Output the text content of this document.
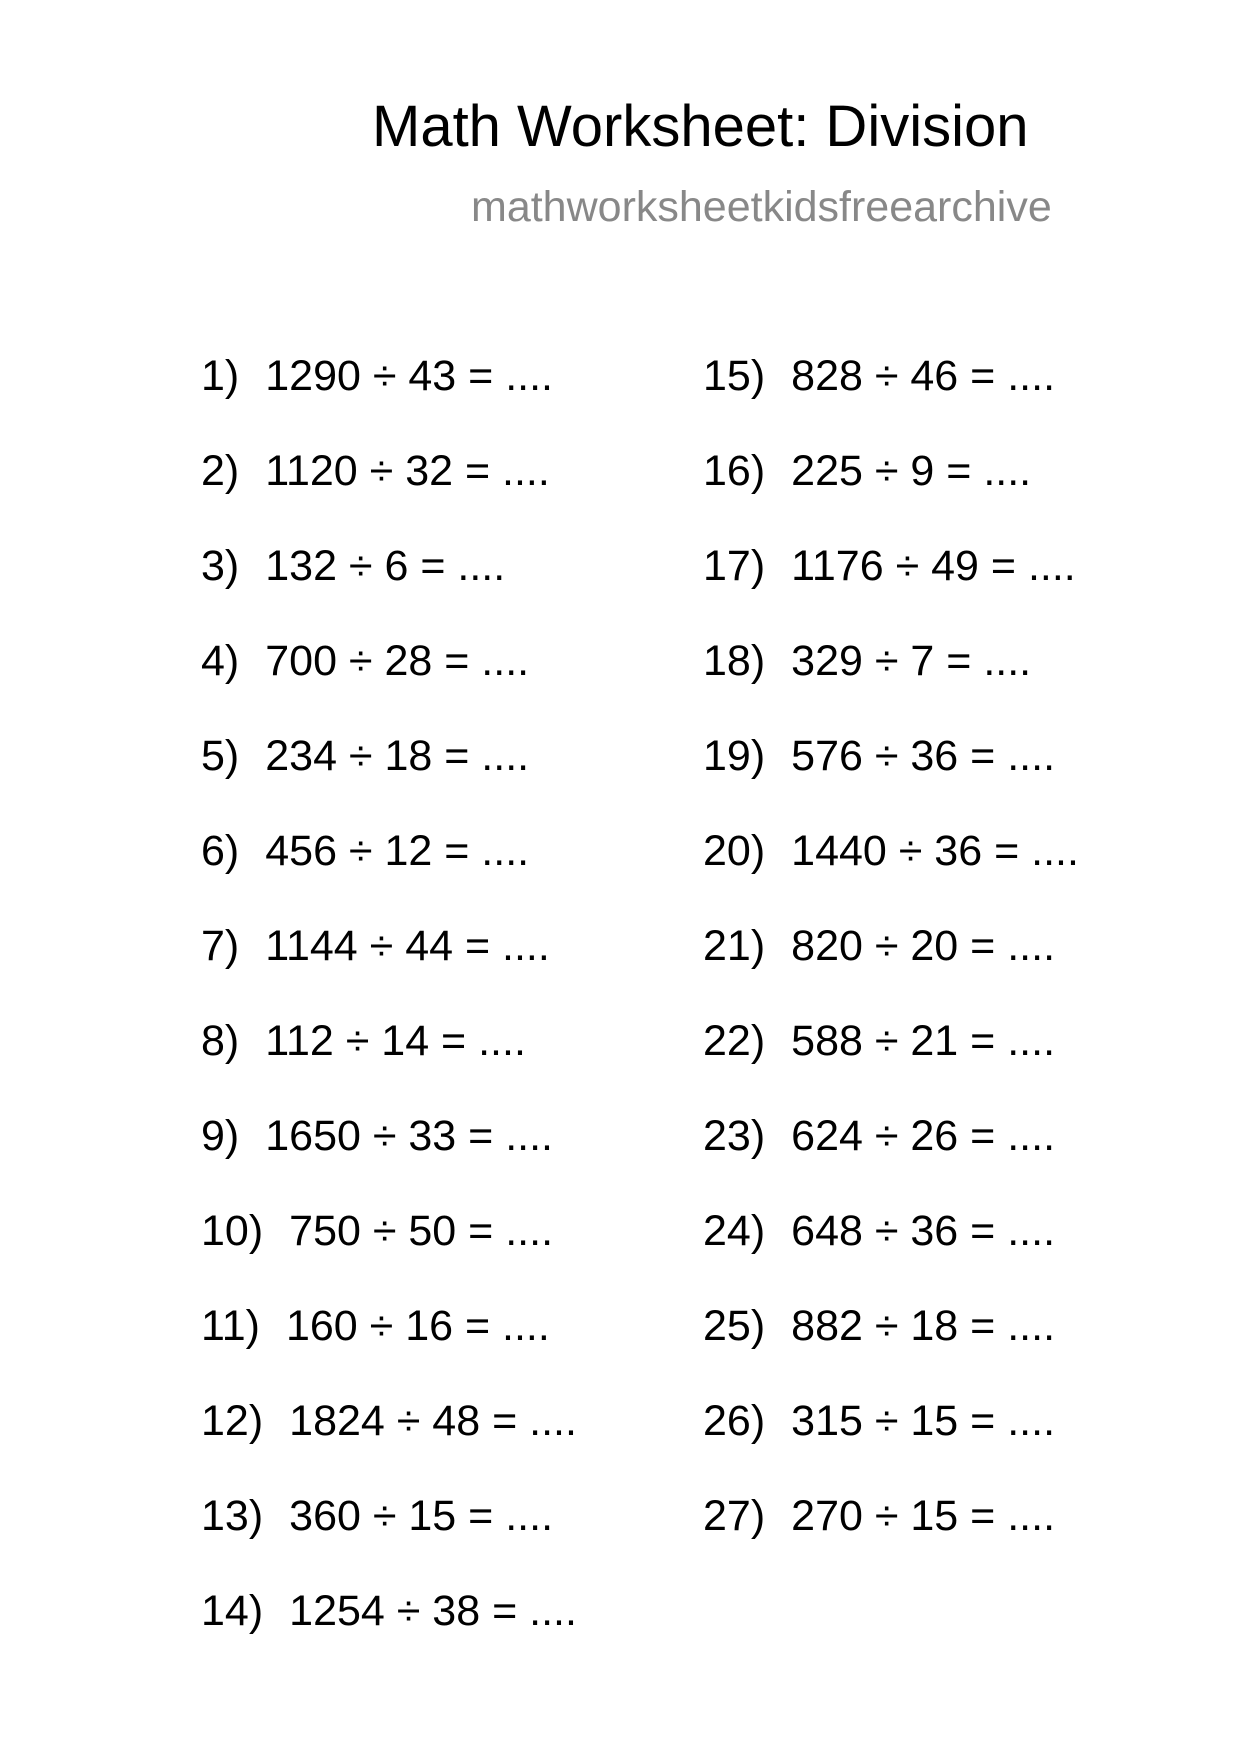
Math Worksheet: Division
mathworksheetkidsfreearchive
1) 1290 ÷ 43 = ....
2) 1120 ÷ 32 = ....
3) 132 ÷ 6 = ....
4) 700 ÷ 28 = ....
5) 234 ÷ 18 = ....
6) 456 ÷ 12 = ....
7) 1144 ÷ 44 = ....
8) 112 ÷ 14 = ....
9) 1650 ÷ 33 = ....
10) 750 ÷ 50 = ....
11) 160 ÷ 16 = ....
12) 1824 ÷ 48 = ....
13) 360 ÷ 15 = ....
14) 1254 ÷ 38 = ....
15) 828 ÷ 46 = ....
16) 225 ÷ 9 = ....
17) 1176 ÷ 49 = ....
18) 329 ÷ 7 = ....
19) 576 ÷ 36 = ....
20) 1440 ÷ 36 = ....
21) 820 ÷ 20 = ....
22) 588 ÷ 21 = ....
23) 624 ÷ 26 = ....
24) 648 ÷ 36 = ....
25) 882 ÷ 18 = ....
26) 315 ÷ 15 = ....
27) 270 ÷ 15 = ....
